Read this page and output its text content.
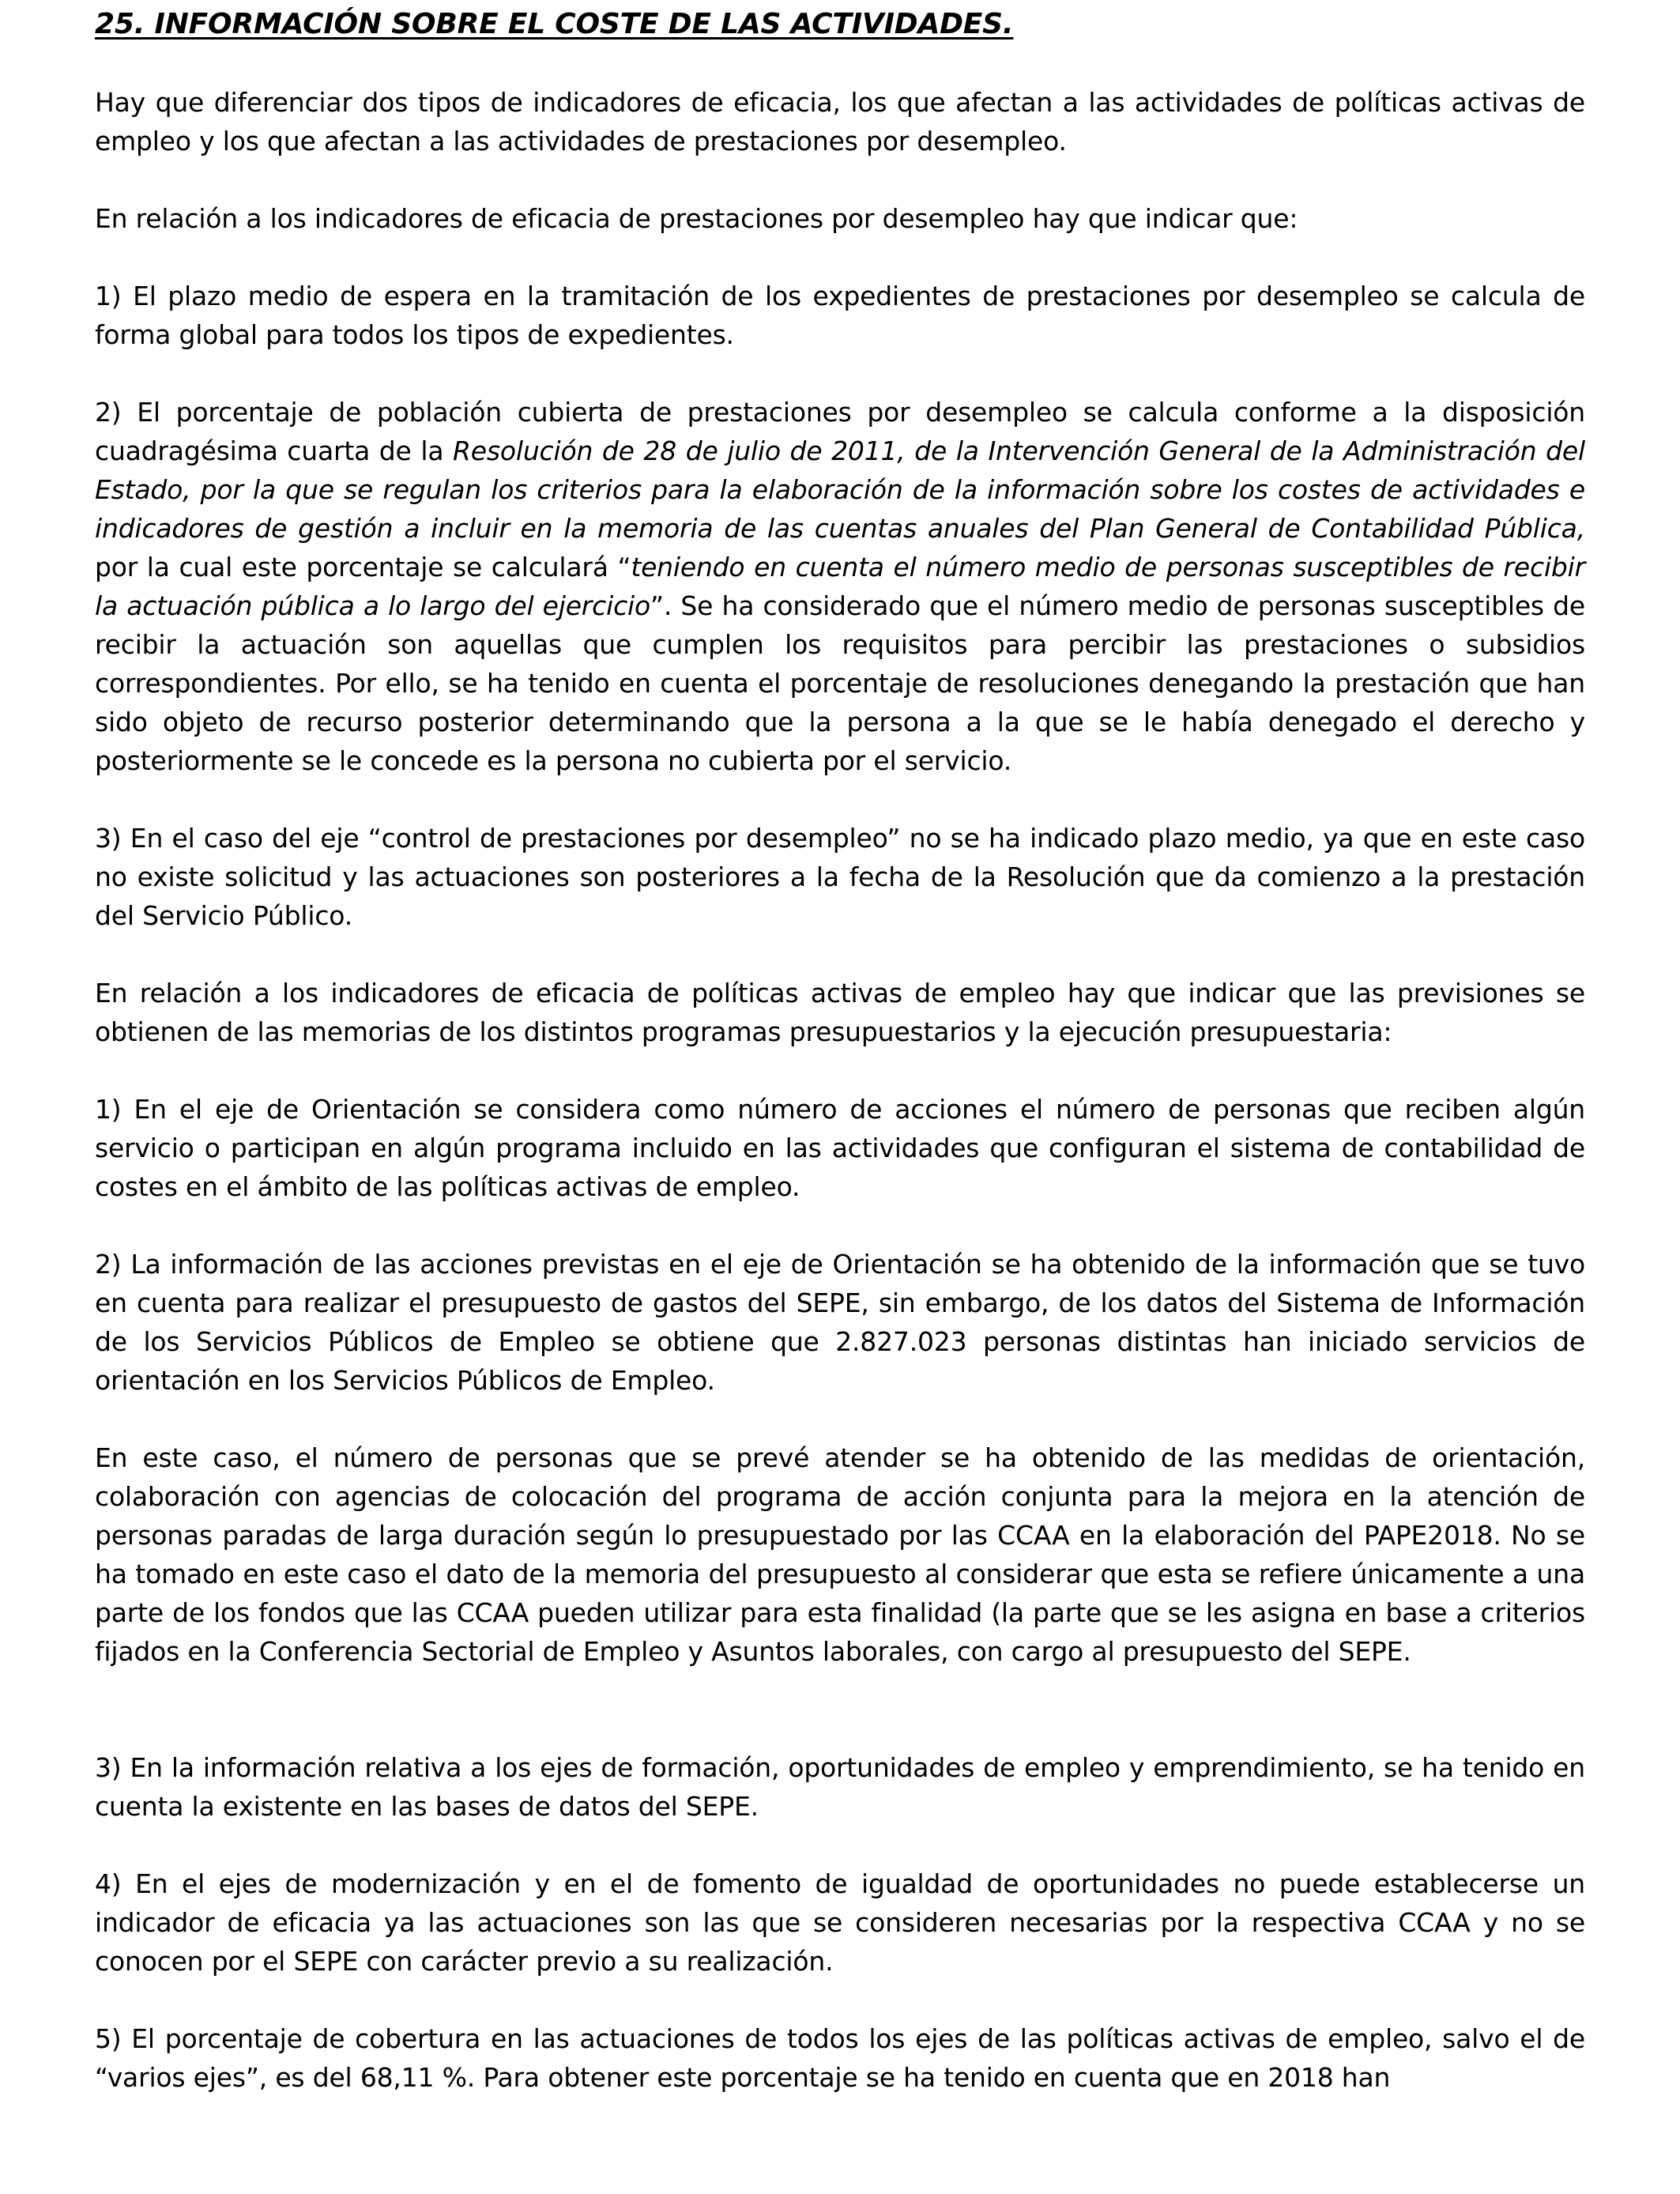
25. INFORMACIÓN SOBRE EL COSTE DE LAS ACTIVIDADES.

Hay que diferenciar dos tipos de indicadores de eficacia, los que afectan a las actividades de políticas activas de empleo y los que afectan a las actividades de prestaciones por desempleo.

En relación a los indicadores de eficacia de prestaciones por desempleo hay que indicar que:

1) El plazo medio de espera en la tramitación de los expedientes de prestaciones por desempleo se calcula de forma global para todos los tipos de expedientes.

2) El porcentaje de población cubierta de prestaciones por desempleo se calcula conforme a la disposición cuadragésima cuarta de la Resolución de 28 de julio de 2011, de la Intervención General de la Administración del Estado, por la que se regulan los criterios para la elaboración de la información sobre los costes de actividades e indicadores de gestión a incluir en la memoria de las cuentas anuales del Plan General de Contabilidad Pública, por la cual este porcentaje se calculará “teniendo en cuenta el número medio de personas susceptibles de recibir la actuación pública a lo largo del ejercicio”. Se ha considerado que el número medio de personas susceptibles de recibir la actuación son aquellas que cumplen los requisitos para percibir las prestaciones o subsidios correspondientes. Por ello, se ha tenido en cuenta el porcentaje de resoluciones denegando la prestación que han sido objeto de recurso posterior determinando que la persona a la que se le había denegado el derecho y posteriormente se le concede es la persona no cubierta por el servicio.

3) En el caso del eje “control de prestaciones por desempleo” no se ha indicado plazo medio, ya que en este caso no existe solicitud y las actuaciones son posteriores a la fecha de la Resolución que da comienzo a la prestación del Servicio Público.

En relación a los indicadores de eficacia de políticas activas de empleo hay que indicar que las previsiones se obtienen de las memorias de los distintos programas presupuestarios y la ejecución presupuestaria:

1) En el eje de Orientación se considera como número de acciones el número de personas que reciben algún servicio o participan en algún programa incluido en las actividades que configuran el sistema de contabilidad de costes en el ámbito de las políticas activas de empleo.

2) La información de las acciones previstas en el eje de Orientación se ha obtenido de la información que se tuvo en cuenta para realizar el presupuesto de gastos del SEPE, sin embargo, de los datos del Sistema de Información de los Servicios Públicos de Empleo se obtiene que 2.827.023 personas distintas han iniciado servicios de orientación en los Servicios Públicos de Empleo.

En este caso, el número de personas que se prevé atender se ha obtenido de las medidas de orientación, colaboración con agencias de colocación del programa de acción conjunta para la mejora en la atención de personas paradas de larga duración según lo presupuestado por las CCAA en la elaboración del PAPE2018. No se ha tomado en este caso el dato de la memoria del presupuesto al considerar que esta se refiere únicamente a una parte de los fondos que las CCAA pueden utilizar para esta finalidad (la parte que se les asigna en base a criterios fijados en la Conferencia Sectorial de Empleo y Asuntos laborales, con cargo al presupuesto del SEPE.

3) En la información relativa a los ejes de formación, oportunidades de empleo y emprendimiento, se ha tenido en cuenta la existente en las bases de datos del SEPE.

4) En el ejes de modernización y en el de fomento de igualdad de oportunidades no puede establecerse un indicador de eficacia ya las actuaciones son las que se consideren necesarias por la respectiva CCAA y no se conocen por el SEPE con carácter previo a su realización.

5) El porcentaje de cobertura en las actuaciones de todos los ejes de las políticas activas de empleo, salvo el de “varios ejes”, es del 68,11 %. Para obtener este porcentaje se ha tenido en cuenta que en 2018 han
